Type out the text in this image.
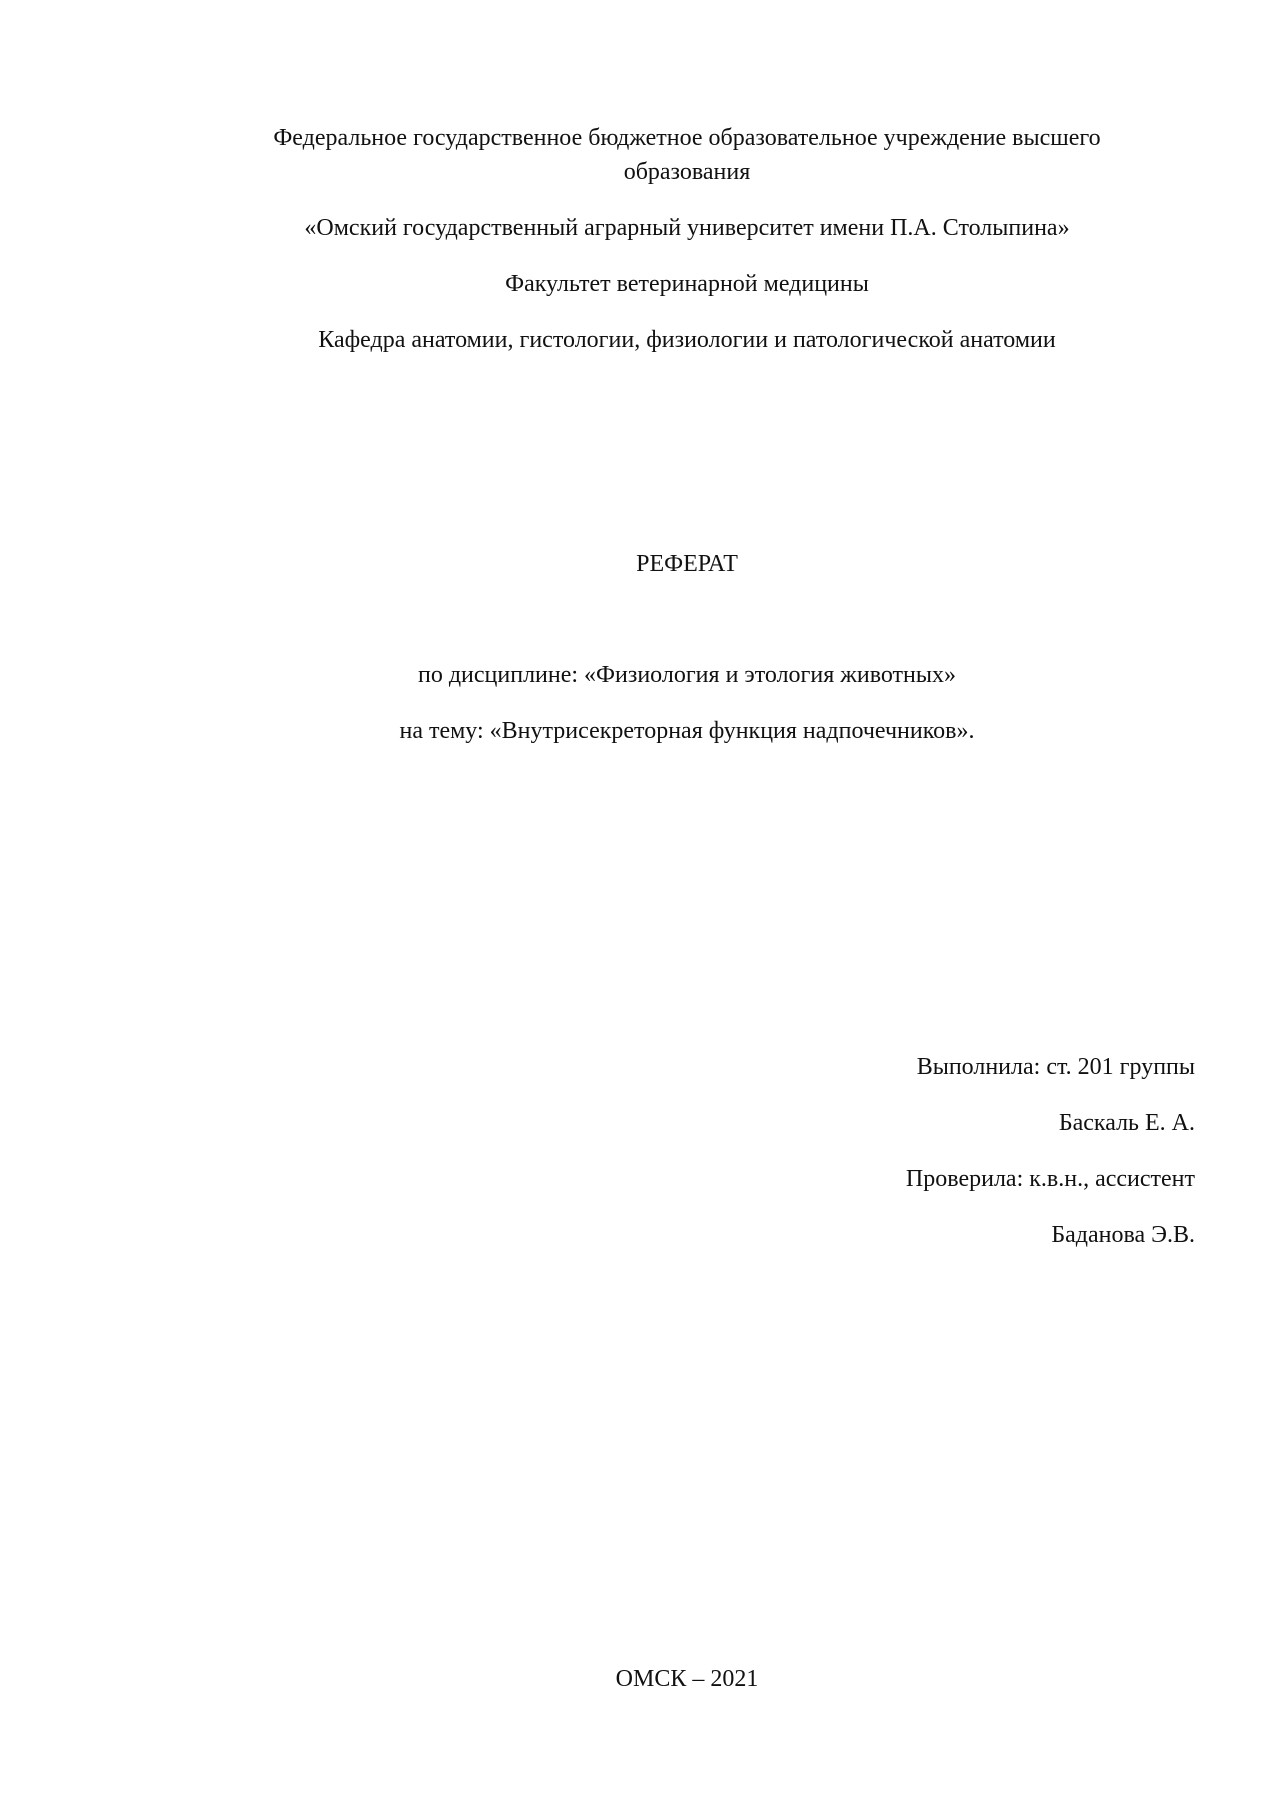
Федеральное государственное бюджетное образовательное учреждение высшего образования
«Омский государственный аграрный университет имени П.А. Столыпина»
Факультет ветеринарной медицины
Кафедра анатомии, гистологии, физиологии и патологической анатомии
РЕФЕРАТ
по дисциплине: «Физиология и этология животных»
на тему: «Внутрисекреторная функция надпочечников».
Выполнила: ст. 201 группы
Баскаль Е. А.
Проверила: к.в.н., ассистент
Баданова Э.В.
ОМСК – 2021
